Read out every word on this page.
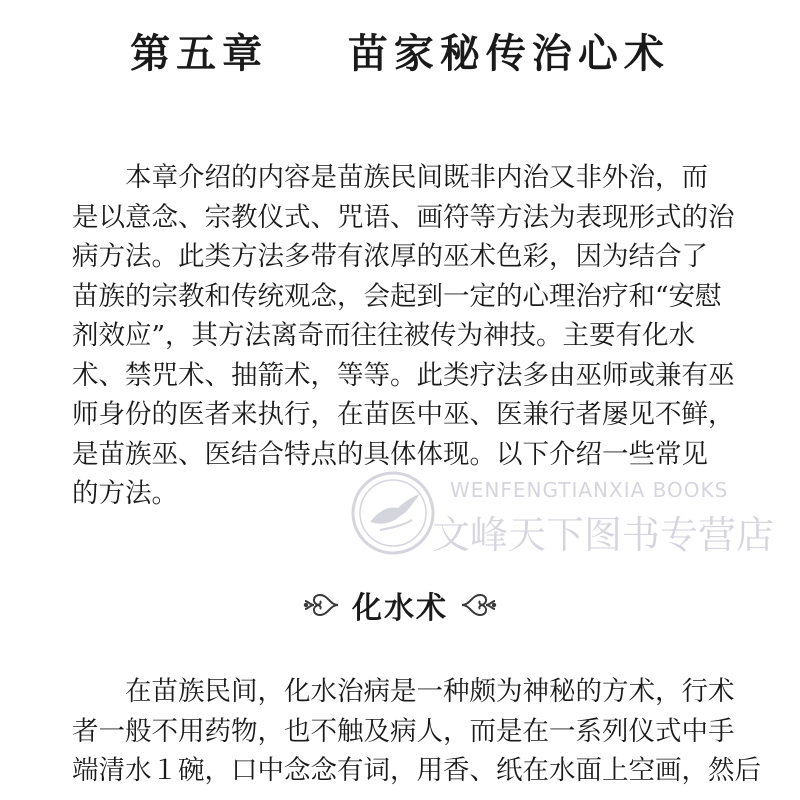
第五章    苗家秘传治心术
本章介绍的内容是苗族民间既非内治又非外治，而
是以意念、宗教仪式、咒语、画符等方法为表现形式的治
病方法。此类方法多带有浓厚的巫术色彩，因为结合了
苗族的宗教和传统观念，会起到一定的心理治疗和“安慰
剂效应”，其方法离奇而往往被传为神技。主要有化水
术、禁咒术、抽箭术，等等。此类疗法多由巫师或兼有巫
师身份的医者来执行，在苗医中巫、医兼行者屡见不鲜，
是苗族巫、医结合特点的具体体现。以下介绍一些常见
的方法。
化水术
在苗族民间，化水治病是一种颇为神秘的方术，行术
者一般不用药物，也不触及病人，而是在一系列仪式中手
端清水１碗，口中念念有词，用香、纸在水面上空画，然后
WENFENGTIANXIA BOOKS
文峰天下图书专营店
